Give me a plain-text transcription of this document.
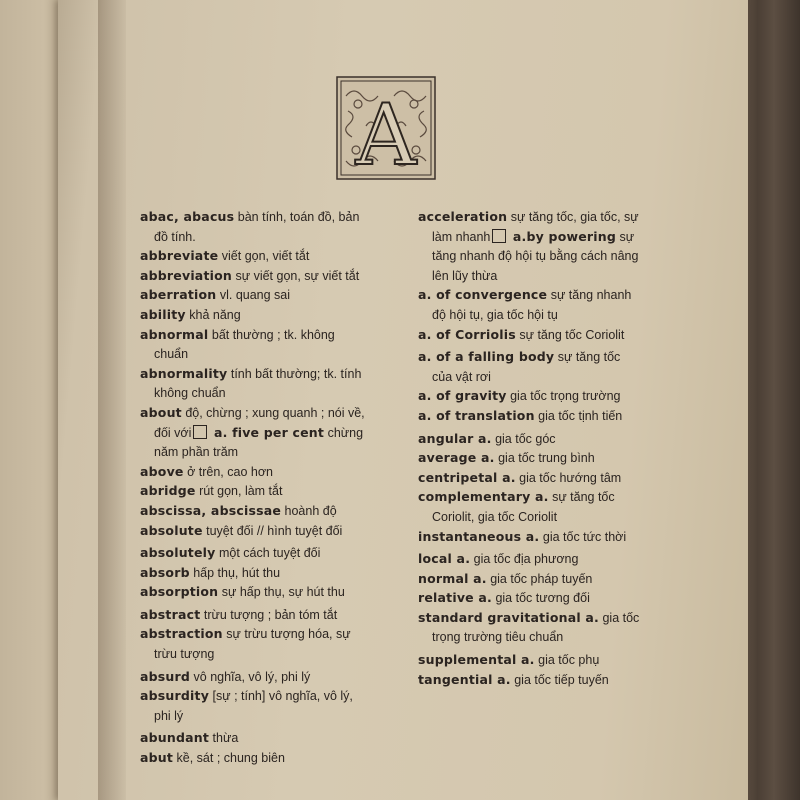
A

abac, abacus bàn tính, toán đồ, bản đồ tính.

abbreviate viết gọn, viết tắt

abbreviation sự viết gọn, sự viết tắt

aberration vl. quang sai

ability khả năng

abnormal bất thường ; tk. không chuẩn

abnormality tính bất thường; tk. tính không chuẩn

about độ, chừng ; xung quanh ; nói về, đối với a. five per cent chừng năm phần trăm

above ở trên, cao hơn

abridge rút gọn, làm tắt

abscissa, abscissae hoành độ

absolute tuyệt đối // hình tuyệt đối

absolutely một cách tuyệt đối

absorb hấp thụ, hút thu

absorption sự hấp thụ, sự hút thu

abstract trừu tượng ; bản tóm tắt

abstraction sự trừu tượng hóa, sự trừu tượng

absurd vô nghĩa, vô lý, phi lý

absurdity [sự ; tính] vô nghĩa, vô lý, phi lý

abundant thừa

abut kề, sát ; chung biên

acceleration sự tăng tốc, gia tốc, sự làm nhanh a.by powering sự tăng nhanh độ hội tụ bằng cách nâng lên lũy thừa

a. of convergence sự tăng nhanh độ hội tụ, gia tốc hội tụ

a. of Corriolis sự tăng tốc Coriolit

a. of a falling body sự tăng tốc của vật rơi

a. of gravity gia tốc trọng trường

a. of translation gia tốc tịnh tiến

angular a. gia tốc góc

average a. gia tốc trung bình

centripetal a. gia tốc hướng tâm

complementary a. sự tăng tốc Coriolit, gia tốc Coriolit

instantaneous a. gia tốc tức thời

local a. gia tốc địa phương

normal a. gia tốc pháp tuyến

relative a. gia tốc tương đối

standard gravitational a. gia tốc trọng trường tiêu chuẩn

supplemental a. gia tốc phụ

tangential a. gia tốc tiếp tuyến
